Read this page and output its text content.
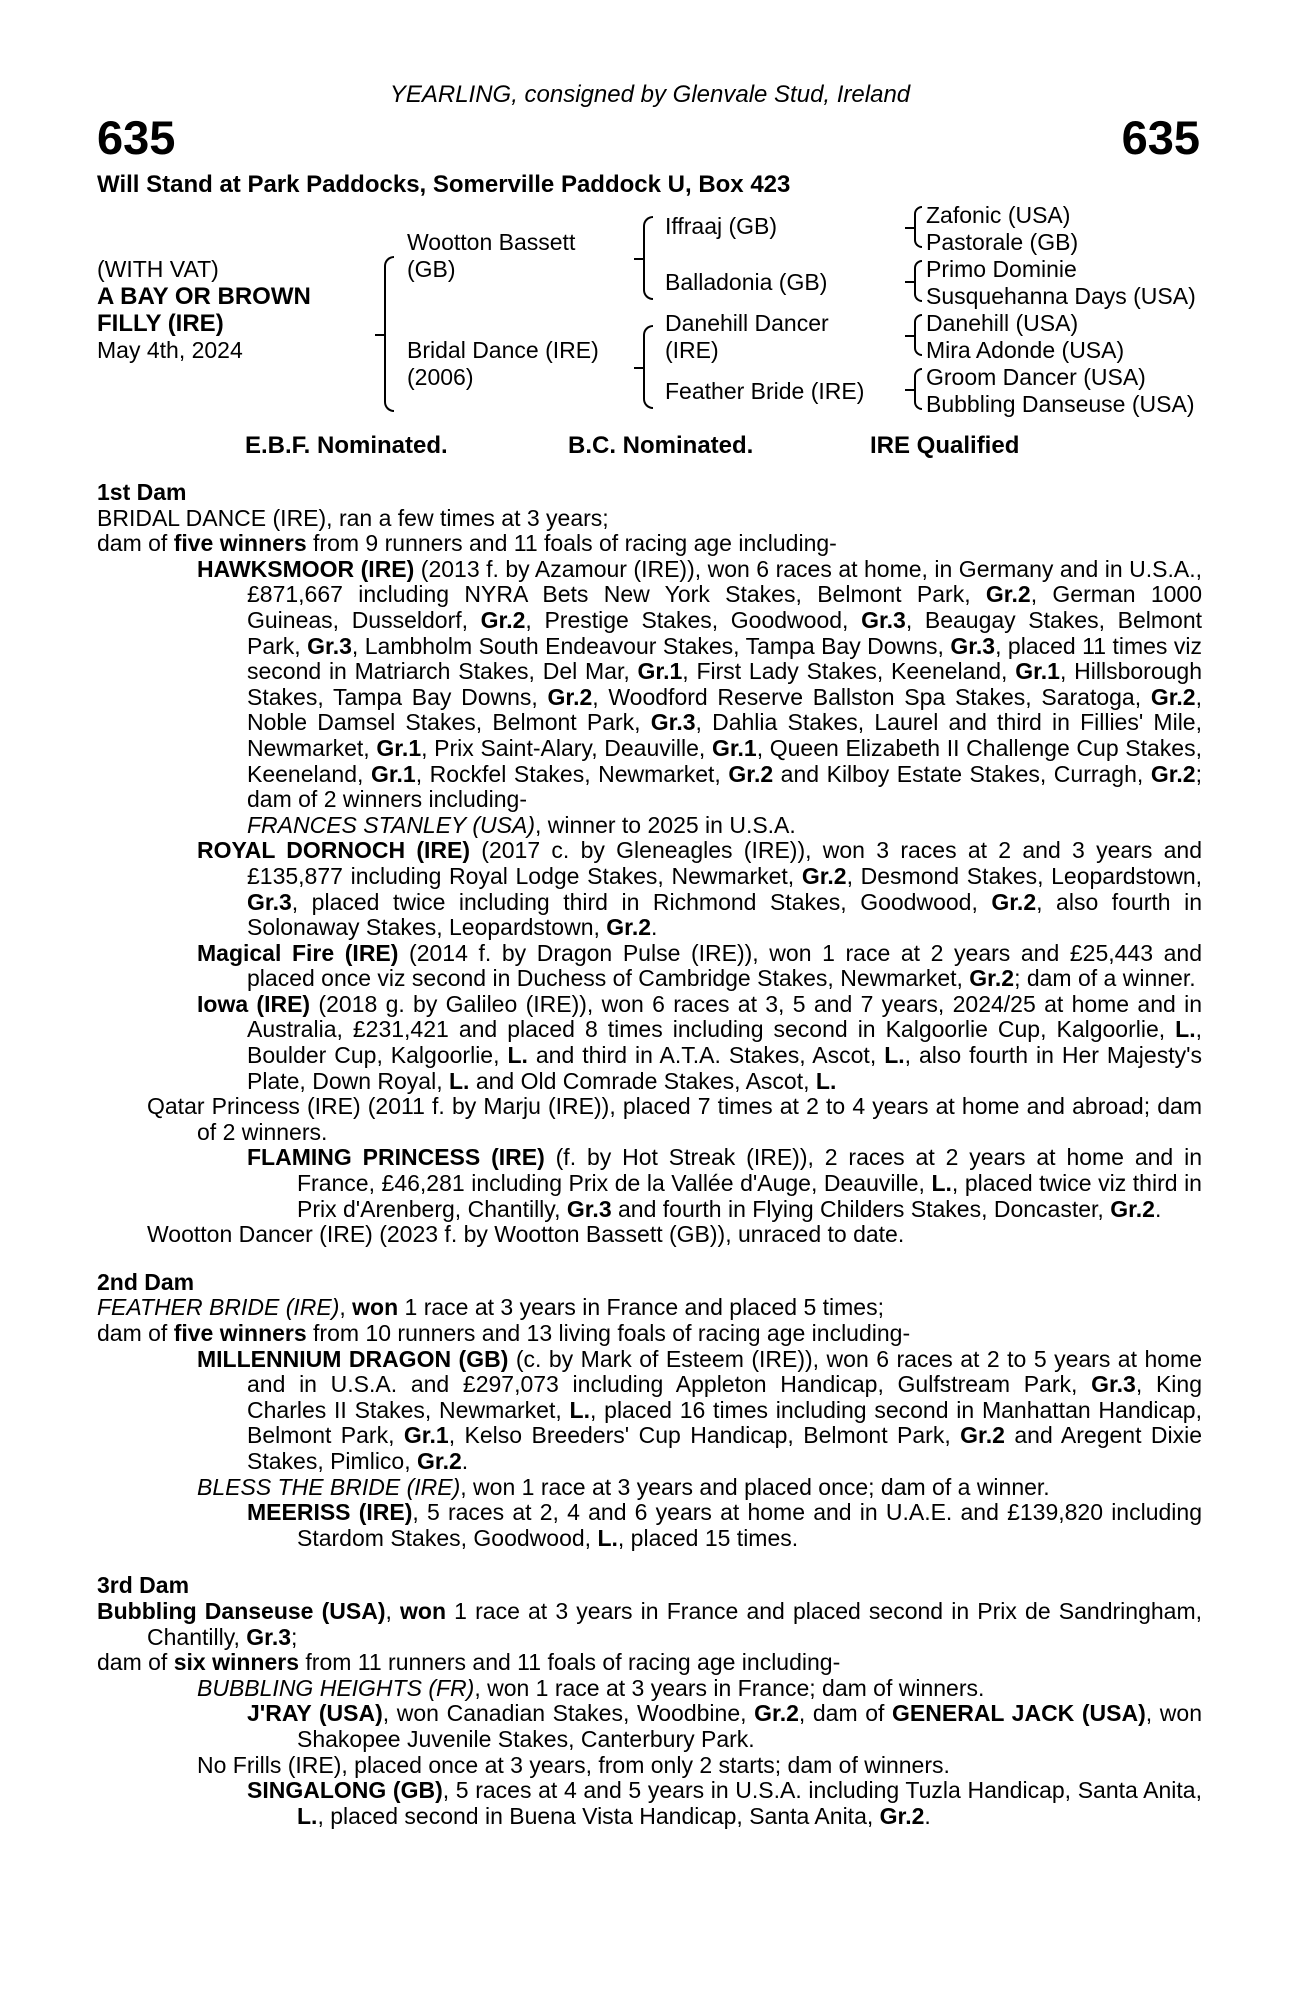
YEARLING, consigned by Glenvale Stud, Ireland
635	635
Will Stand at Park Paddocks, Somerville Paddock U, Box 423
(WITH VAT)
A BAY OR BROWN
FILLY (IRE)
May 4th, 2024
Wootton Bassett
(GB)
Bridal Dance (IRE)
(2006)
Iffraaj (GB)
Balladonia (GB)
Danehill Dancer
(IRE)
Feather Bride (IRE)
Zafonic (USA)
Pastorale (GB)
Primo Dominie
Susquehanna Days (USA)
Danehill (USA)
Mira Adonde (USA)
Groom Dancer (USA)
Bubbling Danseuse (USA)
E.B.F. Nominated.	B.C. Nominated.	IRE Qualified
1st Dam

BRIDAL DANCE (IRE), ran a few times at 3 years;

dam of five winners from 9 runners and 11 foals of racing age including-

HAWKSMOOR (IRE) (2013 f. by Azamour (IRE)), won 6 races at home, in Germany and in U.S.A., £871,667 including NYRA Bets New York Stakes, Belmont Park, Gr.2, German 1000 Guineas, Dusseldorf, Gr.2, Prestige Stakes, Goodwood, Gr.3, Beaugay Stakes, Belmont Park, Gr.3, Lambholm South Endeavour Stakes, Tampa Bay Downs, Gr.3, placed 11 times viz second in Matriarch Stakes, Del Mar, Gr.1, First Lady Stakes, Keeneland, Gr.1, Hillsborough Stakes, Tampa Bay Downs, Gr.2, Woodford Reserve Ballston Spa Stakes, Saratoga, Gr.2, Noble Damsel Stakes, Belmont Park, Gr.3, Dahlia Stakes, Laurel and third in Fillies' Mile, Newmarket, Gr.1, Prix Saint-Alary, Deauville, Gr.1, Queen Elizabeth II Challenge Cup Stakes, Keeneland, Gr.1, Rockfel Stakes, Newmarket, Gr.2 and Kilboy Estate Stakes, Curragh, Gr.2; dam of 2 winners including-

FRANCES STANLEY (USA), winner to 2025 in U.S.A.

ROYAL DORNOCH (IRE) (2017 c. by Gleneagles (IRE)), won 3 races at 2 and 3 years and £135,877 including Royal Lodge Stakes, Newmarket, Gr.2, Desmond Stakes, Leopardstown, Gr.3, placed twice including third in Richmond Stakes, Goodwood, Gr.2, also fourth in Solonaway Stakes, Leopardstown, Gr.2.

Magical Fire (IRE) (2014 f. by Dragon Pulse (IRE)), won 1 race at 2 years and £25,443 and placed once viz second in Duchess of Cambridge Stakes, Newmarket, Gr.2; dam of a winner.

Iowa (IRE) (2018 g. by Galileo (IRE)), won 6 races at 3, 5 and 7 years, 2024/25 at home and in Australia, £231,421 and placed 8 times including second in Kalgoorlie Cup, Kalgoorlie, L., Boulder Cup, Kalgoorlie, L. and third in A.T.A. Stakes, Ascot, L., also fourth in Her Majesty's Plate, Down Royal, L. and Old Comrade Stakes, Ascot, L.

Qatar Princess (IRE) (2011 f. by Marju (IRE)), placed 7 times at 2 to 4 years at home and abroad; dam of 2 winners.

FLAMING PRINCESS (IRE) (f. by Hot Streak (IRE)), 2 races at 2 years at home and in France, £46,281 including Prix de la Vallée d'Auge, Deauville, L., placed twice viz third in Prix d'Arenberg, Chantilly, Gr.3 and fourth in Flying Childers Stakes, Doncaster, Gr.2.

Wootton Dancer (IRE) (2023 f. by Wootton Bassett (GB)), unraced to date.

2nd Dam

FEATHER BRIDE (IRE), won 1 race at 3 years in France and placed 5 times;

dam of five winners from 10 runners and 13 living foals of racing age including-

MILLENNIUM DRAGON (GB) (c. by Mark of Esteem (IRE)), won 6 races at 2 to 5 years at home and in U.S.A. and £297,073 including Appleton Handicap, Gulfstream Park, Gr.3, King Charles II Stakes, Newmarket, L., placed 16 times including second in Manhattan Handicap, Belmont Park, Gr.1, Kelso Breeders' Cup Handicap, Belmont Park, Gr.2 and Aregent Dixie Stakes, Pimlico, Gr.2.

BLESS THE BRIDE (IRE), won 1 race at 3 years and placed once; dam of a winner.

MEERISS (IRE), 5 races at 2, 4 and 6 years at home and in U.A.E. and £139,820 including Stardom Stakes, Goodwood, L., placed 15 times.

3rd Dam

Bubbling Danseuse (USA), won 1 race at 3 years in France and placed second in Prix de Sandringham, Chantilly, Gr.3;

dam of six winners from 11 runners and 11 foals of racing age including-

BUBBLING HEIGHTS (FR), won 1 race at 3 years in France; dam of winners.

J'RAY (USA), won Canadian Stakes, Woodbine, Gr.2, dam of GENERAL JACK (USA), won Shakopee Juvenile Stakes, Canterbury Park.

No Frills (IRE), placed once at 3 years, from only 2 starts; dam of winners.

SINGALONG (GB), 5 races at 4 and 5 years in U.S.A. including Tuzla Handicap, Santa Anita, L., placed second in Buena Vista Handicap, Santa Anita, Gr.2.
